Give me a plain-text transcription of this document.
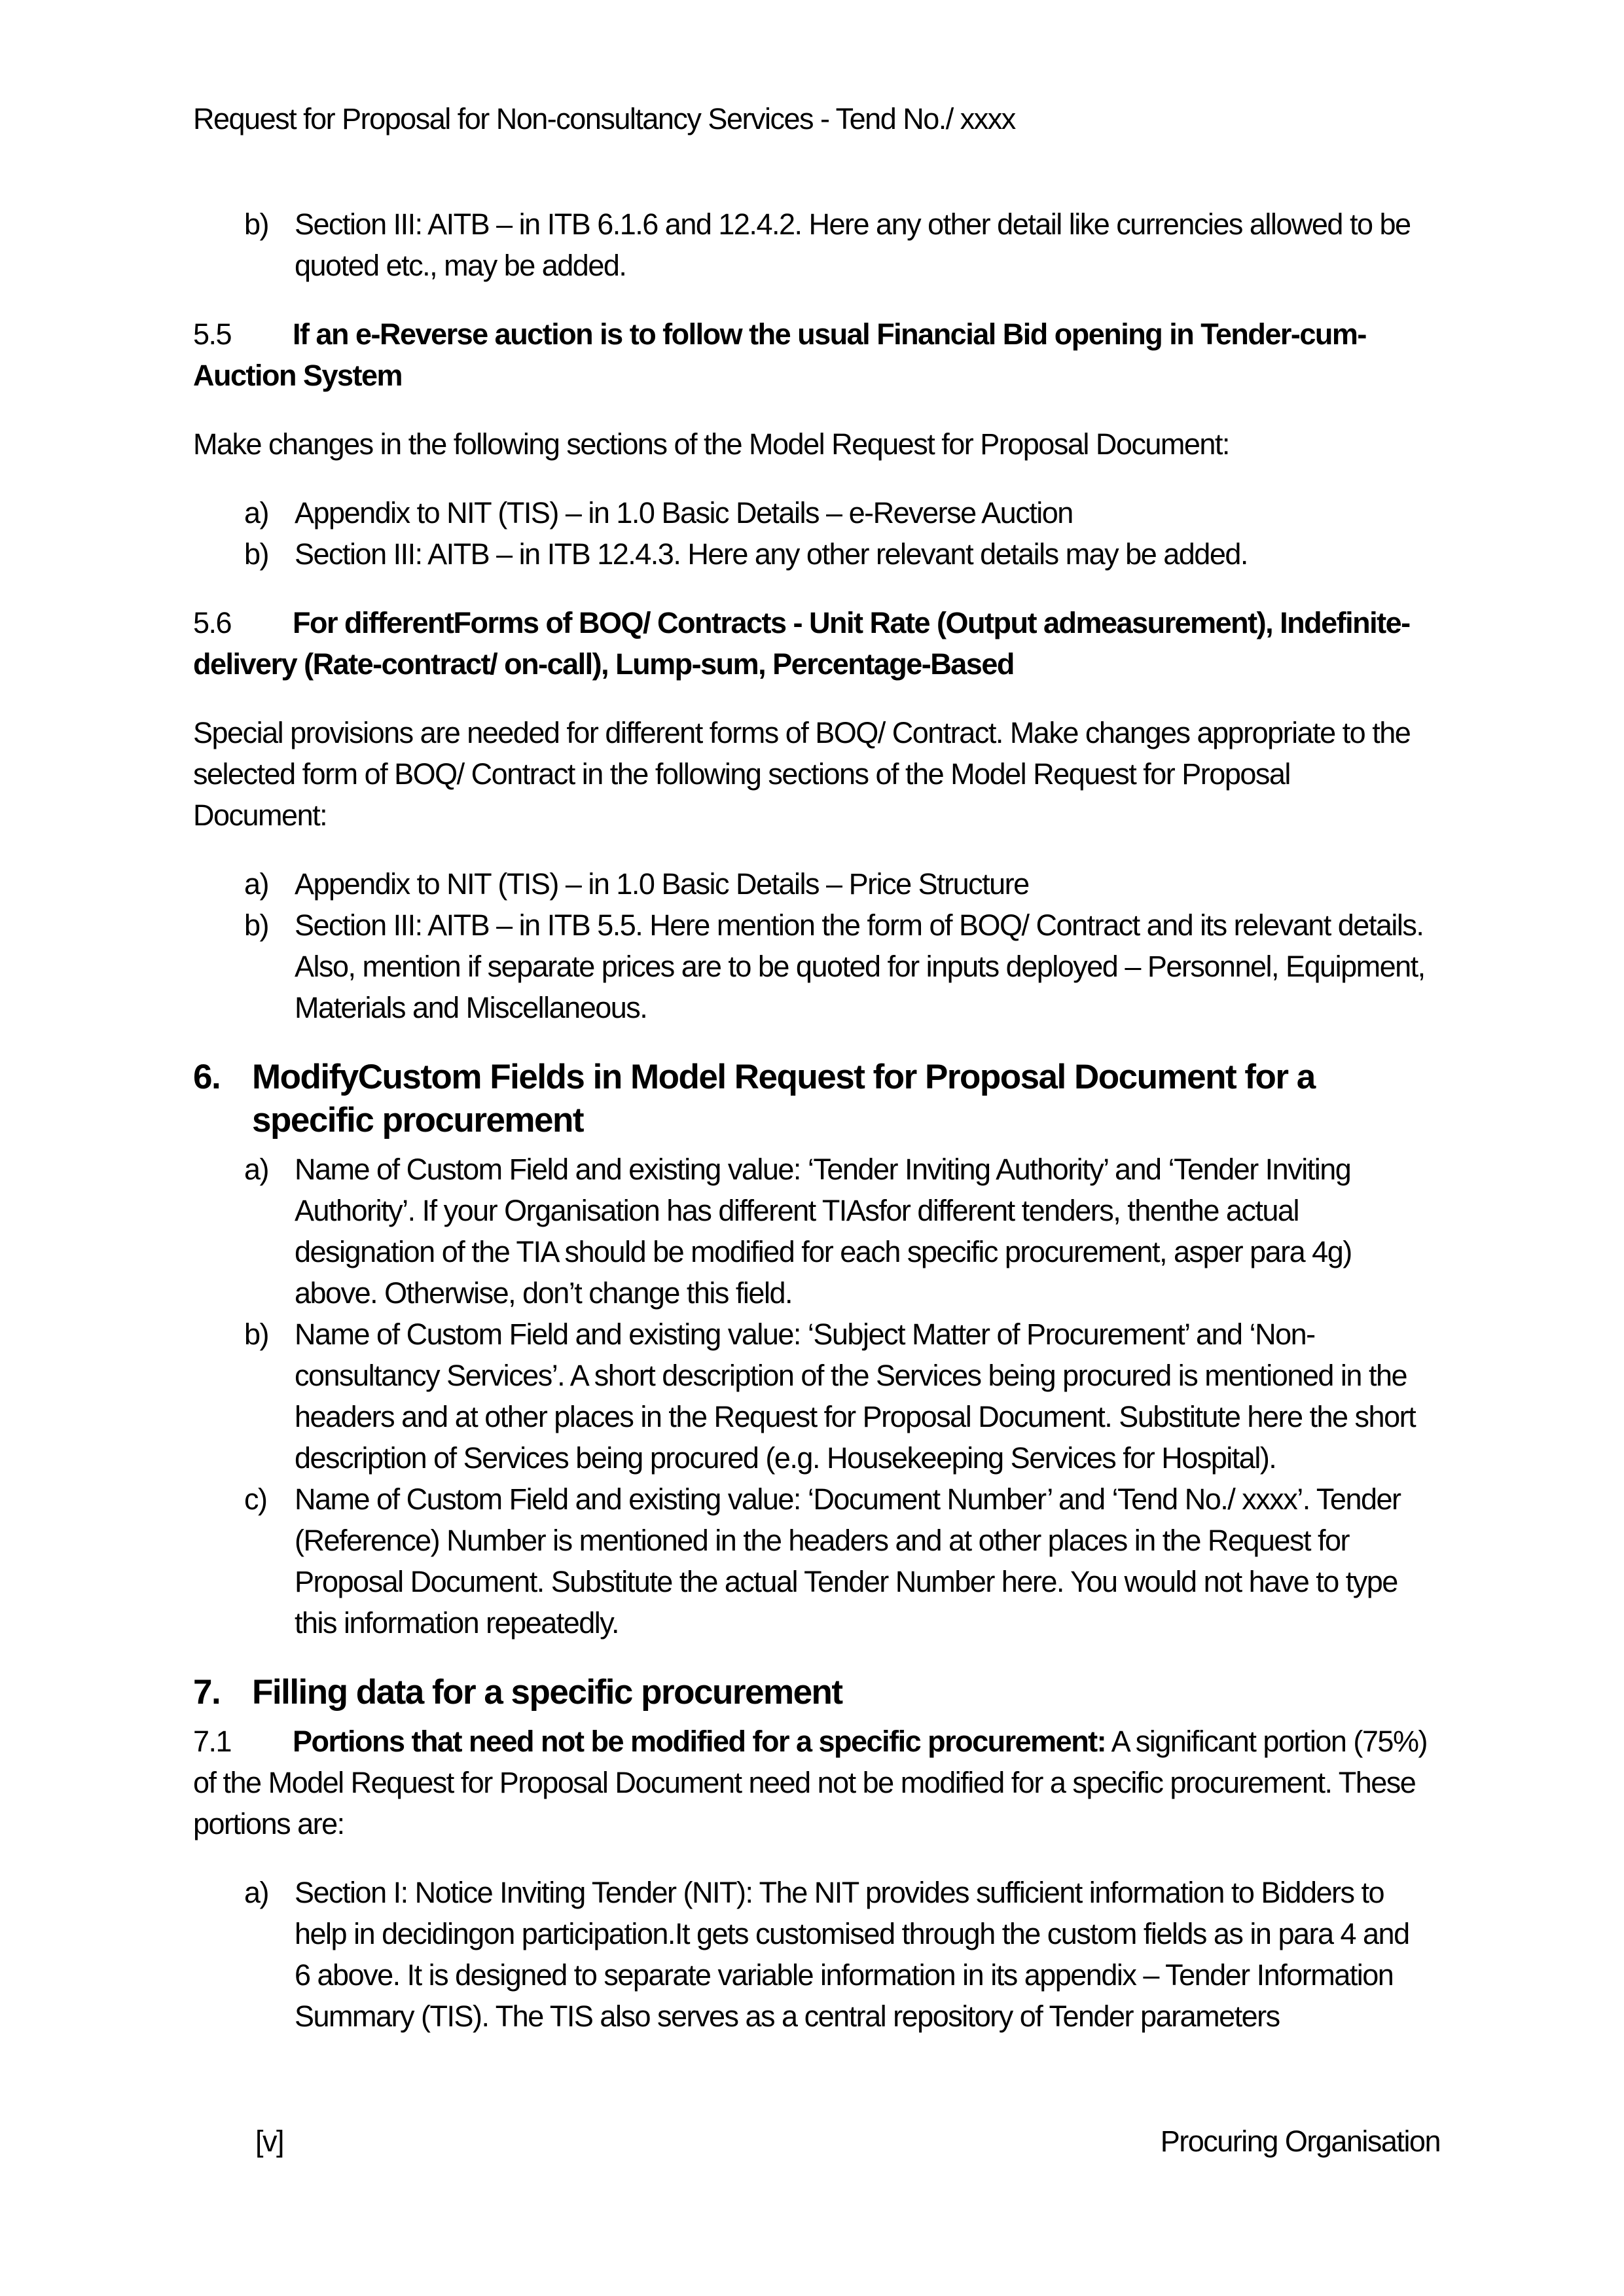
Request for Proposal for Non-consultancy Services - Tend No./ xxxx

b) Section III: AITB – in ITB 6.1.6 and 12.4.2. Here any other detail like currencies allowed to be quoted etc., may be added.

5.5 If an e-Reverse auction is to follow the usual Financial Bid opening in Tender-cum-Auction System

Make changes in the following sections of the Model Request for Proposal Document:

a) Appendix to NIT (TIS) – in 1.0 Basic Details – e-Reverse Auction
b) Section III: AITB – in ITB 12.4.3. Here any other relevant details may be added.

5.6 For differentForms of BOQ/ Contracts - Unit Rate (Output admeasurement), Indefinite-delivery (Rate-contract/ on-call), Lump-sum, Percentage-Based

Special provisions are needed for different forms of BOQ/ Contract. Make changes appropriate to the selected form of BOQ/ Contract in the following sections of the Model Request for Proposal Document:

a) Appendix to NIT (TIS) – in 1.0 Basic Details – Price Structure
b) Section III: AITB – in ITB 5.5. Here mention the form of BOQ/ Contract and its relevant details. Also, mention if separate prices are to be quoted for inputs deployed – Personnel, Equipment, Materials and Miscellaneous.
6. ModifyCustom Fields in Model Request for Proposal Document for a specific procurement
a) Name of Custom Field and existing value: ‘Tender Inviting Authority’ and ‘Tender Inviting Authority’. If your Organisation has different TIAsfor different tenders, thenthe actual designation of the TIA should be modified for each specific procurement, asper para 4g) above. Otherwise, don’t change this field.
b) Name of Custom Field and existing value: ‘Subject Matter of Procurement’ and ‘Non-consultancy Services’. A short description of the Services being procured is mentioned in the headers and at other places in the Request for Proposal Document. Substitute here the short description of Services being procured (e.g. Housekeeping Services for Hospital).
c) Name of Custom Field and existing value: ‘Document Number’ and ‘Tend No./ xxxx’. Tender (Reference) Number is mentioned in the headers and at other places in the Request for Proposal Document. Substitute the actual Tender Number here. You would not have to type this information repeatedly.
7. Filling data for a specific procurement

7.1 Portions that need not be modified for a specific procurement: A significant portion (75%) of the Model Request for Proposal Document need not be modified for a specific procurement. These portions are:

a) Section I: Notice Inviting Tender (NIT): The NIT provides sufficient information to Bidders to help in decidingon participation.It gets customised through the custom fields as in para 4 and 6 above. It is designed to separate variable information in its appendix – Tender Information Summary (TIS). The TIS also serves as a central repository of Tender parameters
[v]	Procuring Organisation
